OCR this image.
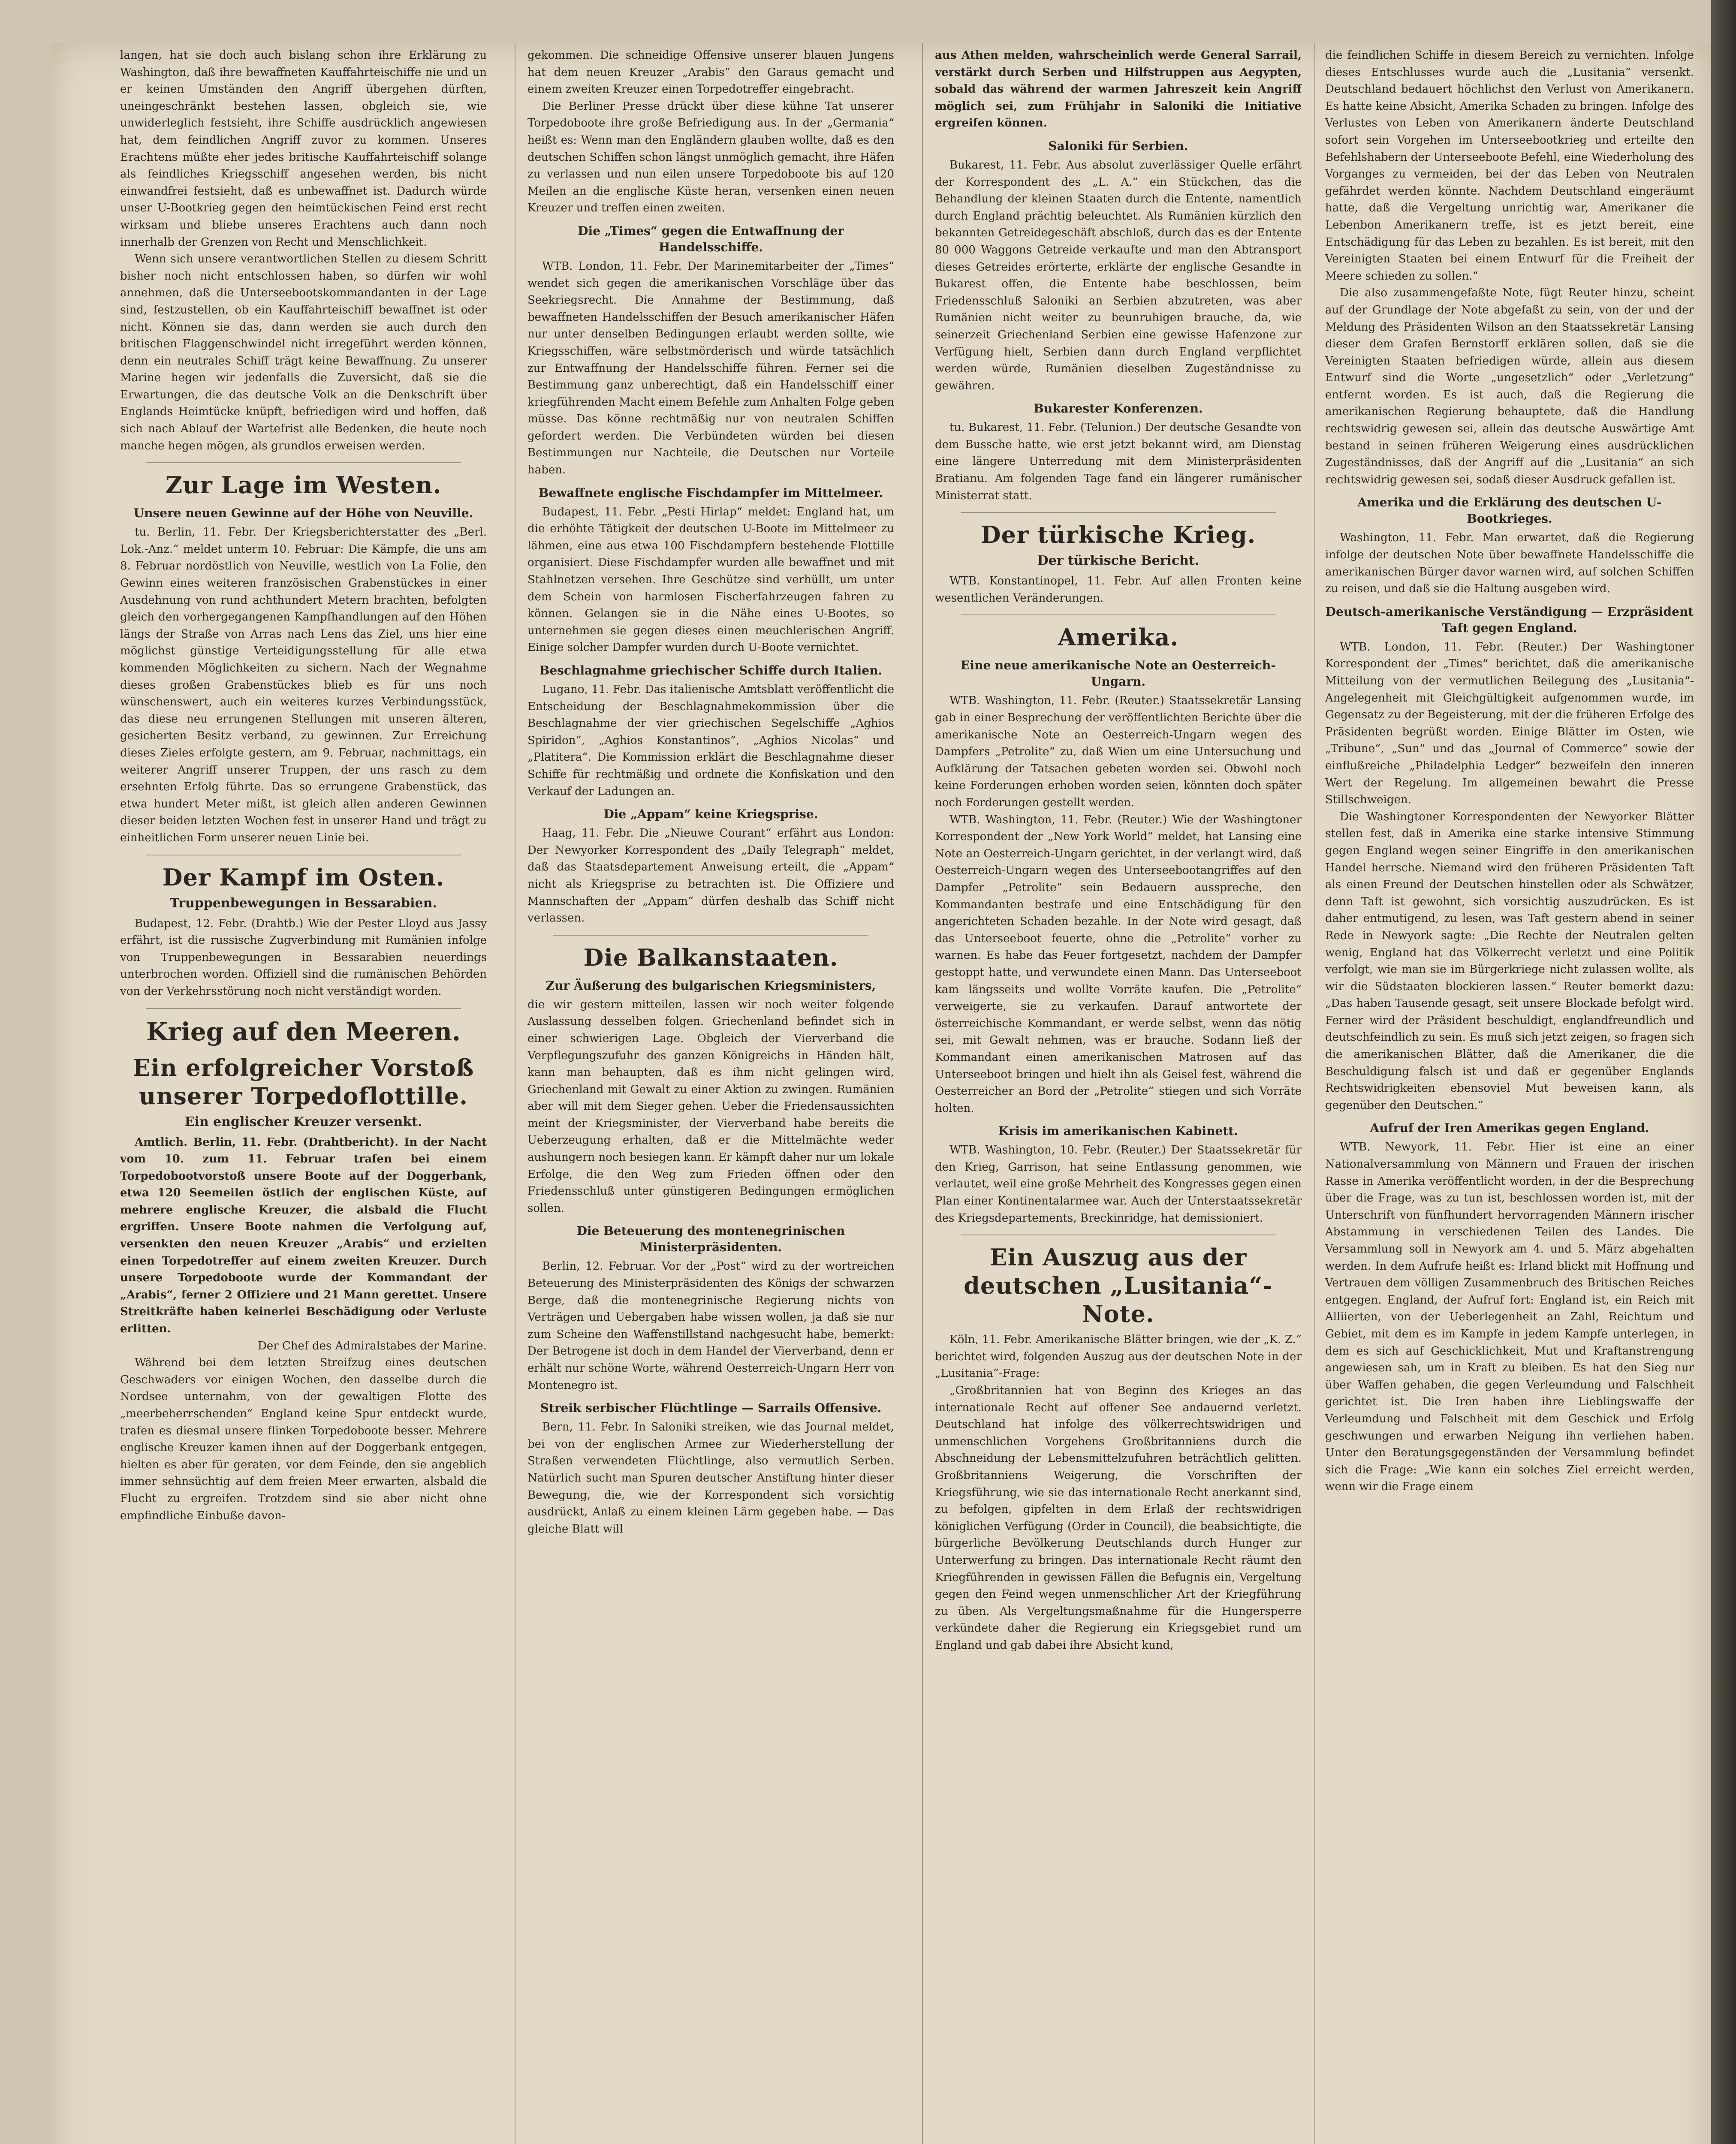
langen, hat sie doch auch bislang schon ihre Erklärung zu Washington, daß ihre bewaffneten Kauffahrteischiffe nie und un er keinen Umständen den Angriff übergehen dürften, uneingeschränkt bestehen lassen, obgleich sie, wie unwiderleglich festsieht, ihre Schiffe ausdrücklich angewiesen hat, dem feindlichen Angriff zuvor zu kommen. Unseres Erachtens müßte eher jedes britische Kauffahrteischiff solange als feindliches Kriegsschiff angesehen werden, bis nicht einwandfrei festsieht, daß es unbewaffnet ist. Dadurch würde unser U-Bootkrieg gegen den heimtückischen Feind erst recht wirksam und bliebe unseres Erachtens auch dann noch innerhalb der Grenzen von Recht und Menschlichkeit.

Wenn sich unsere verantwortlichen Stellen zu diesem Schritt bisher noch nicht entschlossen haben, so dürfen wir wohl annehmen, daß die Unterseebootskommandanten in der Lage sind, festzustellen, ob ein Kauffahrteischiff bewaffnet ist oder nicht. Können sie das, dann werden sie auch durch den britischen Flaggenschwindel nicht irregeführt werden können, denn ein neutrales Schiff trägt keine Bewaffnung. Zu unserer Marine hegen wir jedenfalls die Zuversicht, daß sie die Erwartungen, die das deutsche Volk an die Denkschrift über Englands Heimtücke knüpft, befriedigen wird und hoffen, daß sich nach Ablauf der Wartefrist alle Bedenken, die heute noch manche hegen mögen, als grundlos erweisen werden.

Zur Lage im Westen.
Unsere neuen Gewinne auf der Höhe von Neuville.

tu. Berlin, 11. Febr. Der Kriegsberichterstatter des „Berl. Lok.-Anz.“ meldet unterm 10. Februar: Die Kämpfe, die uns am 8. Februar nordöstlich von Neuville, westlich von La Folie, den Gewinn eines weiteren französischen Grabenstückes in einer Ausdehnung von rund achthundert Metern brachten, befolgten gleich den vorhergegangenen Kampfhandlungen auf den Höhen längs der Straße von Arras nach Lens das Ziel, uns hier eine möglichst günstige Verteidigungsstellung für alle etwa kommenden Möglichkeiten zu sichern. Nach der Wegnahme dieses großen Grabenstückes blieb es für uns noch wünschenswert, auch ein weiteres kurzes Verbindungsstück, das diese neu errungenen Stellungen mit unseren älteren, gesicherten Besitz verband, zu gewinnen. Zur Erreichung dieses Zieles erfolgte gestern, am 9. Februar, nachmittags, ein weiterer Angriff unserer Truppen, der uns rasch zu dem ersehnten Erfolg führte. Das so errungene Grabenstück, das etwa hundert Meter mißt, ist gleich allen anderen Gewinnen dieser beiden letzten Wochen fest in unserer Hand und trägt zu einheitlichen Form unserer neuen Linie bei.

Der Kampf im Osten.
Truppenbewegungen in Bessarabien.

Budapest, 12. Febr. (Drahtb.) Wie der Pester Lloyd aus Jassy erfährt, ist die russische Zugverbindung mit Rumänien infolge von Truppenbewegungen in Bessarabien neuerdings unterbrochen worden. Offiziell sind die rumänischen Behörden von der Verkehrsstörung noch nicht verständigt worden.

Krieg auf den Meeren.
Ein erfolgreicher Vorstoß unserer Torpedoflottille.
Ein englischer Kreuzer versenkt.

Amtlich. Berlin, 11. Febr. (Drahtbericht). In der Nacht vom 10. zum 11. Februar trafen bei einem Torpedobootvorstoß unsere Boote auf der Doggerbank, etwa 120 Seemeilen östlich der englischen Küste, auf mehrere englische Kreuzer, die alsbald die Flucht ergriffen. Unsere Boote nahmen die Verfolgung auf, versenkten den neuen Kreuzer „Arabis“ und erzielten einen Torpedotreffer auf einem zweiten Kreuzer. Durch unsere Torpedoboote wurde der Kommandant der „Arabis“, ferner 2 Offiziere und 21 Mann gerettet. Unsere Streitkräfte haben keinerlei Beschädigung oder Verluste erlitten.

Der Chef des Admiralstabes der Marine.

Während bei dem letzten Streifzug eines deutschen Geschwaders vor einigen Wochen, den dasselbe durch die Nordsee unternahm, von der gewaltigen Flotte des „meerbeherrschenden“ England keine Spur entdeckt wurde, trafen es diesmal unsere flinken Torpedoboote besser. Mehrere englische Kreuzer kamen ihnen auf der Doggerbank entgegen, hielten es aber für geraten, vor dem Feinde, den sie angeblich immer sehnsüchtig auf dem freien Meer erwarten, alsbald die Flucht zu ergreifen. Trotzdem sind sie aber nicht ohne empfindliche Einbuße davon-

gekommen. Die schneidige Offensive unserer blauen Jungens hat dem neuen Kreuzer „Arabis“ den Garaus gemacht und einem zweiten Kreuzer einen Torpedotreffer eingebracht.

Die Berliner Presse drückt über diese kühne Tat unserer Torpedoboote ihre große Befriedigung aus. In der „Germania“ heißt es: Wenn man den Engländern glauben wollte, daß es den deutschen Schiffen schon längst unmöglich gemacht, ihre Häfen zu verlassen und nun eilen unsere Torpedoboote bis auf 120 Meilen an die englische Küste heran, versenken einen neuen Kreuzer und treffen einen zweiten.

Die „Times“ gegen die Entwaffnung der Handelsschiffe.

WTB. London, 11. Febr. Der Marinemitarbeiter der „Times“ wendet sich gegen die amerikanischen Vorschläge über das Seekriegsrecht. Die Annahme der Bestimmung, daß bewaffneten Handelsschiffen der Besuch amerikanischer Häfen nur unter denselben Bedingungen erlaubt werden sollte, wie Kriegsschiffen, wäre selbstmörderisch und würde tatsächlich zur Entwaffnung der Handelsschiffe führen. Ferner sei die Bestimmung ganz unberechtigt, daß ein Handelsschiff einer kriegführenden Macht einem Befehle zum Anhalten Folge geben müsse. Das könne rechtmäßig nur von neutralen Schiffen gefordert werden. Die Verbündeten würden bei diesen Bestimmungen nur Nachteile, die Deutschen nur Vorteile haben.

Bewaffnete englische Fischdampfer im Mittelmeer.

Budapest, 11. Febr. „Pesti Hirlap“ meldet: England hat, um die erhöhte Tätigkeit der deutschen U-Boote im Mittelmeer zu lähmen, eine aus etwa 100 Fischdampfern bestehende Flottille organisiert. Diese Fischdampfer wurden alle bewaffnet und mit Stahlnetzen versehen. Ihre Geschütze sind verhüllt, um unter dem Schein von harmlosen Fischerfahrzeugen fahren zu können. Gelangen sie in die Nähe eines U-Bootes, so unternehmen sie gegen dieses einen meuchlerischen Angriff. Einige solcher Dampfer wurden durch U-Boote vernichtet.

Beschlagnahme griechischer Schiffe durch Italien.

Lugano, 11. Febr. Das italienische Amtsblatt veröffentlicht die Entscheidung der Beschlagnahmekommission über die Beschlagnahme der vier griechischen Segelschiffe „Aghios Spiridon“, „Aghios Konstantinos“, „Aghios Nicolas“ und „Platitera“. Die Kommission erklärt die Beschlagnahme dieser Schiffe für rechtmäßig und ordnete die Konfiskation und den Verkauf der Ladungen an.

Die „Appam“ keine Kriegsprise.

Haag, 11. Febr. Die „Nieuwe Courant“ erfährt aus London: Der Newyorker Korrespondent des „Daily Telegraph“ meldet, daß das Staatsdepartement Anweisung erteilt, die „Appam“ nicht als Kriegsprise zu betrachten ist. Die Offiziere und Mannschaften der „Appam“ dürfen deshalb das Schiff nicht verlassen.

Die Balkanstaaten.
Zur Äußerung des bulgarischen Kriegsministers,

die wir gestern mitteilen, lassen wir noch weiter folgende Auslassung desselben folgen. Griechenland befindet sich in einer schwierigen Lage. Obgleich der Vierverband die Verpflegungszufuhr des ganzen Königreichs in Händen hält, kann man behaupten, daß es ihm nicht gelingen wird, Griechenland mit Gewalt zu einer Aktion zu zwingen. Rumänien aber will mit dem Sieger gehen. Ueber die Friedensaussichten meint der Kriegsminister, der Vierverband habe bereits die Ueberzeugung erhalten, daß er die Mittelmächte weder aushungern noch besiegen kann. Er kämpft daher nur um lokale Erfolge, die den Weg zum Frieden öffnen oder den Friedensschluß unter günstigeren Bedingungen ermöglichen sollen.

Die Beteuerung des montenegrinischen Ministerpräsidenten.

Berlin, 12. Februar. Vor der „Post“ wird zu der wortreichen Beteuerung des Ministerpräsidenten des Königs der schwarzen Berge, daß die montenegrinische Regierung nichts von Verträgen und Uebergaben habe wissen wollen, ja daß sie nur zum Scheine den Waffenstillstand nachgesucht habe, bemerkt: Der Betrogene ist doch in dem Handel der Vierverband, denn er erhält nur schöne Worte, während Oesterreich-Ungarn Herr von Montenegro ist.

Streik serbischer Flüchtlinge — Sarrails Offensive.

Bern, 11. Febr. In Saloniki streiken, wie das Journal meldet, bei von der englischen Armee zur Wiederherstellung der Straßen verwendeten Flüchtlinge, also vermutlich Serben. Natürlich sucht man Spuren deutscher Anstiftung hinter dieser Bewegung, die, wie der Korrespondent sich vorsichtig ausdrückt, Anlaß zu einem kleinen Lärm gegeben habe. — Das gleiche Blatt will

aus Athen melden, wahrscheinlich werde General Sarrail, verstärkt durch Serben und Hilfstruppen aus Aegypten, sobald das während der warmen Jahreszeit kein Angriff möglich sei, zum Frühjahr in Saloniki die Initiative ergreifen können.

Saloniki für Serbien.

Bukarest, 11. Febr. Aus absolut zuverlässiger Quelle erfährt der Korrespondent des „L. A.“ ein Stückchen, das die Behandlung der kleinen Staaten durch die Entente, namentlich durch England prächtig beleuchtet. Als Rumänien kürzlich den bekannten Getreidegeschäft abschloß, durch das es der Entente 80 000 Waggons Getreide verkaufte und man den Abtransport dieses Getreides erörterte, erklärte der englische Gesandte in Bukarest offen, die Entente habe beschlossen, beim Friedensschluß Saloniki an Serbien abzutreten, was aber Rumänien nicht weiter zu beunruhigen brauche, da, wie seinerzeit Griechenland Serbien eine gewisse Hafenzone zur Verfügung hielt, Serbien dann durch England verpflichtet werden würde, Rumänien dieselben Zugeständnisse zu gewähren.

Bukarester Konferenzen.

tu. Bukarest, 11. Febr. (Telunion.) Der deutsche Gesandte von dem Bussche hatte, wie erst jetzt bekannt wird, am Dienstag eine längere Unterredung mit dem Ministerpräsidenten Bratianu. Am folgenden Tage fand ein längerer rumänischer Ministerrat statt.

Der türkische Krieg.
Der türkische Bericht.

WTB. Konstantinopel, 11. Febr. Auf allen Fronten keine wesentlichen Veränderungen.

Amerika.
Eine neue amerikanische Note an Oesterreich-Ungarn.

WTB. Washington, 11. Febr. (Reuter.) Staatssekretär Lansing gab in einer Besprechung der veröffentlichten Berichte über die amerikanische Note an Oesterreich-Ungarn wegen des Dampfers „Petrolite“ zu, daß Wien um eine Untersuchung und Aufklärung der Tatsachen gebeten worden sei. Obwohl noch keine Forderungen erhoben worden seien, könnten doch später noch Forderungen gestellt werden.

WTB. Washington, 11. Febr. (Reuter.) Wie der Washingtoner Korrespondent der „New York World“ meldet, hat Lansing eine Note an Oesterreich-Ungarn gerichtet, in der verlangt wird, daß Oesterreich-Ungarn wegen des Unterseebootangriffes auf den Dampfer „Petrolite“ sein Bedauern ausspreche, den Kommandanten bestrafe und eine Entschädigung für den angerichteten Schaden bezahle. In der Note wird gesagt, daß das Unterseeboot feuerte, ohne die „Petrolite“ vorher zu warnen. Es habe das Feuer fortgesetzt, nachdem der Dampfer gestoppt hatte, und verwundete einen Mann. Das Unterseeboot kam längsseits und wollte Vorräte kaufen. Die „Petrolite“ verweigerte, sie zu verkaufen. Darauf antwortete der österreichische Kommandant, er werde selbst, wenn das nötig sei, mit Gewalt nehmen, was er brauche. Sodann ließ der Kommandant einen amerikanischen Matrosen auf das Unterseeboot bringen und hielt ihn als Geisel fest, während die Oesterreicher an Bord der „Petrolite“ stiegen und sich Vorräte holten.

Krisis im amerikanischen Kabinett.

WTB. Washington, 10. Febr. (Reuter.) Der Staatssekretär für den Krieg, Garrison, hat seine Entlassung genommen, wie verlautet, weil eine große Mehrheit des Kongresses gegen einen Plan einer Kontinentalarmee war. Auch der Unterstaatssekretär des Kriegsdepartements, Breckinridge, hat demissioniert.

Ein Auszug aus der deutschen „Lusitania“-Note.

Köln, 11. Febr. Amerikanische Blätter bringen, wie der „K. Z.“ berichtet wird, folgenden Auszug aus der deutschen Note in der „Lusitania“-Frage:

„Großbritannien hat von Beginn des Krieges an das internationale Recht auf offener See andauernd verletzt. Deutschland hat infolge des völkerrechtswidrigen und unmenschlichen Vorgehens Großbritanniens durch die Abschneidung der Lebensmittelzufuhren beträchtlich gelitten. Großbritanniens Weigerung, die Vorschriften der Kriegsführung, wie sie das internationale Recht anerkannt sind, zu befolgen, gipfelten in dem Erlaß der rechtswidrigen königlichen Verfügung (Order in Council), die beabsichtigte, die bürgerliche Bevölkerung Deutschlands durch Hunger zur Unterwerfung zu bringen. Das internationale Recht räumt den Kriegführenden in gewissen Fällen die Befugnis ein, Vergeltung gegen den Feind wegen unmenschlicher Art der Kriegführung zu üben. Als Vergeltungsmaßnahme für die Hungersperre verkündete daher die Regierung ein Kriegsgebiet rund um England und gab dabei ihre Absicht kund,

die feindlichen Schiffe in diesem Bereich zu vernichten. Infolge dieses Entschlusses wurde auch die „Lusitania“ versenkt. Deutschland bedauert höchlichst den Verlust von Amerikanern. Es hatte keine Absicht, Amerika Schaden zu bringen. Infolge des Verlustes von Leben von Amerikanern änderte Deutschland sofort sein Vorgehen im Unterseebootkrieg und erteilte den Befehlshabern der Unterseeboote Befehl, eine Wiederholung des Vorganges zu vermeiden, bei der das Leben von Neutralen gefährdet werden könnte. Nachdem Deutschland eingeräumt hatte, daß die Vergeltung unrichtig war, Amerikaner die Lebenbon Amerikanern treffe, ist es jetzt bereit, eine Entschädigung für das Leben zu bezahlen. Es ist bereit, mit den Vereinigten Staaten bei einem Entwurf für die Freiheit der Meere schieden zu sollen.“

Die also zusammengefaßte Note, fügt Reuter hinzu, scheint auf der Grundlage der Note abgefaßt zu sein, von der und der Meldung des Präsidenten Wilson an den Staatssekretär Lansing dieser dem Grafen Bernstorff erklären sollen, daß sie die Vereinigten Staaten befriedigen würde, allein aus diesem Entwurf sind die Worte „ungesetzlich“ oder „Verletzung“ entfernt worden. Es ist auch, daß die Regierung die amerikanischen Regierung behauptete, daß die Handlung rechtswidrig gewesen sei, allein das deutsche Auswärtige Amt bestand in seinen früheren Weigerung eines ausdrücklichen Zugeständnisses, daß der Angriff auf die „Lusitania“ an sich rechtswidrig gewesen sei, sodaß dieser Ausdruck gefallen ist.

Amerika und die Erklärung des deutschen U-Bootkrieges.

Washington, 11. Febr. Man erwartet, daß die Regierung infolge der deutschen Note über bewaffnete Handelsschiffe die amerikanischen Bürger davor warnen wird, auf solchen Schiffen zu reisen, und daß sie die Haltung ausgeben wird.

Deutsch-amerikanische Verständigung — Erzpräsident Taft gegen England.

WTB. London, 11. Febr. (Reuter.) Der Washingtoner Korrespondent der „Times“ berichtet, daß die amerikanische Mitteilung von der vermutlichen Beilegung des „Lusitania“-Angelegenheit mit Gleichgültigkeit aufgenommen wurde, im Gegensatz zu der Begeisterung, mit der die früheren Erfolge des Präsidenten begrüßt worden. Einige Blätter im Osten, wie „Tribune“, „Sun“ und das „Journal of Commerce“ sowie der einflußreiche „Philadelphia Ledger“ bezweifeln den inneren Wert der Regelung. Im allgemeinen bewahrt die Presse Stillschweigen.

Die Washingtoner Korrespondenten der Newyorker Blätter stellen fest, daß in Amerika eine starke intensive Stimmung gegen England wegen seiner Eingriffe in den amerikanischen Handel herrsche. Niemand wird den früheren Präsidenten Taft als einen Freund der Deutschen hinstellen oder als Schwätzer, denn Taft ist gewohnt, sich vorsichtig auszudrücken. Es ist daher entmutigend, zu lesen, was Taft gestern abend in seiner Rede in Newyork sagte: „Die Rechte der Neutralen gelten wenig, England hat das Völkerrecht verletzt und eine Politik verfolgt, wie man sie im Bürgerkriege nicht zulassen wollte, als wir die Südstaaten blockieren lassen.“ Reuter bemerkt dazu: „Das haben Tausende gesagt, seit unsere Blockade befolgt wird. Ferner wird der Präsident beschuldigt, englandfreundlich und deutschfeindlich zu sein. Es muß sich jetzt zeigen, so fragen sich die amerikanischen Blätter, daß die Amerikaner, die die Beschuldigung falsch ist und daß er gegenüber Englands Rechtswidrigkeiten ebensoviel Mut beweisen kann, als gegenüber den Deutschen.“

Aufruf der Iren Amerikas gegen England.

WTB. Newyork, 11. Febr. Hier ist eine an einer Nationalversammlung von Männern und Frauen der irischen Rasse in Amerika veröffentlicht worden, in der die Besprechung über die Frage, was zu tun ist, beschlossen worden ist, mit der Unterschrift von fünfhundert hervorragenden Männern irischer Abstammung in verschiedenen Teilen des Landes. Die Versammlung soll in Newyork am 4. und 5. März abgehalten werden. In dem Aufrufe heißt es: Irland blickt mit Hoffnung und Vertrauen dem völligen Zusammenbruch des Britischen Reiches entgegen. England, der Aufruf fort: England ist, ein Reich mit Alliierten, von der Ueberlegenheit an Zahl, Reichtum und Gebiet, mit dem es im Kampfe in jedem Kampfe unterlegen, in dem es sich auf Geschicklichkeit, Mut und Kraftanstrengung angewiesen sah, um in Kraft zu bleiben. Es hat den Sieg nur über Waffen gehaben, die gegen Verleumdung und Falschheit gerichtet ist. Die Iren haben ihre Lieblingswaffe der Verleumdung und Falschheit mit dem Geschick und Erfolg geschwungen und erwarben Neigung ihn verliehen haben. Unter den Beratungsgegenständen der Versammlung befindet sich die Frage: „Wie kann ein solches Ziel erreicht werden, wenn wir die Frage einem
